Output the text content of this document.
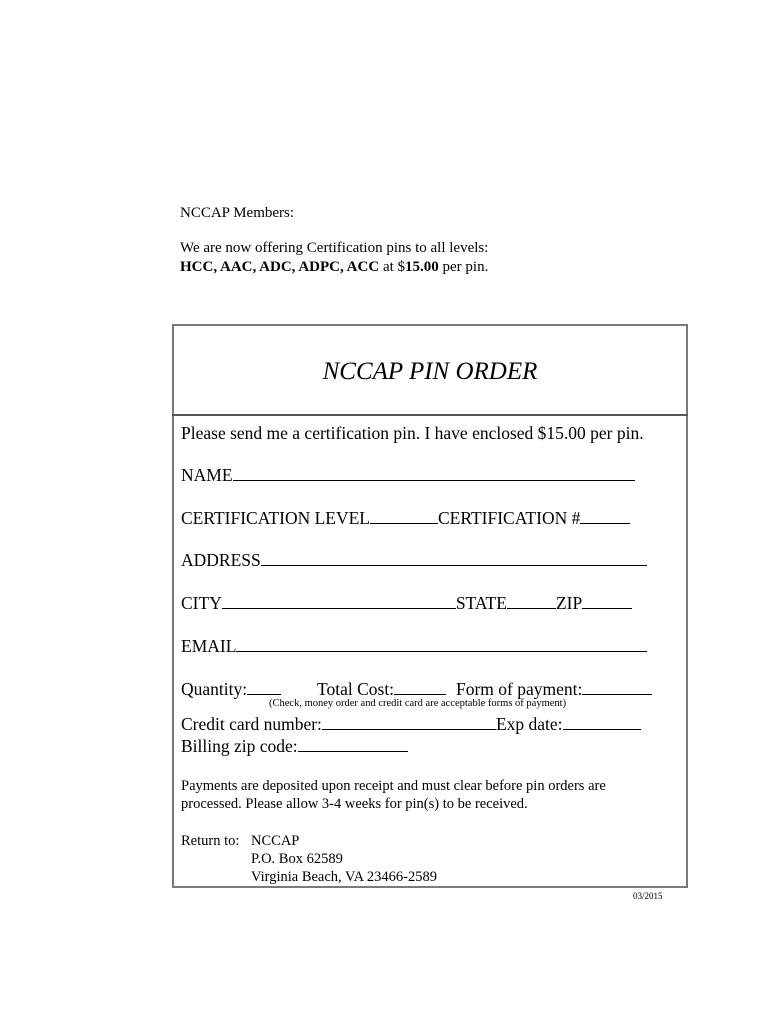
NCCAP Members:
We are now offering Certification pins to all levels:
HCC, AAC, ADC, ADPC, ACC at $15.00 per pin.
NCCAP PIN ORDER
Please send me a certification pin. I have enclosed $15.00 per pin.
NAME
CERTIFICATION LEVEL	CERTIFICATION #
ADDRESS
CITY	STATE	ZIP
EMAIL
Quantity:	Total Cost:	Form of payment:
(Check, money order and credit card are acceptable forms of payment)
Credit card number:	Exp date:
Billing zip code:
Payments are deposited upon receipt and must clear before pin orders are
processed. Please allow 3-4 weeks for pin(s) to be received.
Return to: NCCAP
P.O. Box 62589
Virginia Beach, VA 23466-2589
03/2015
